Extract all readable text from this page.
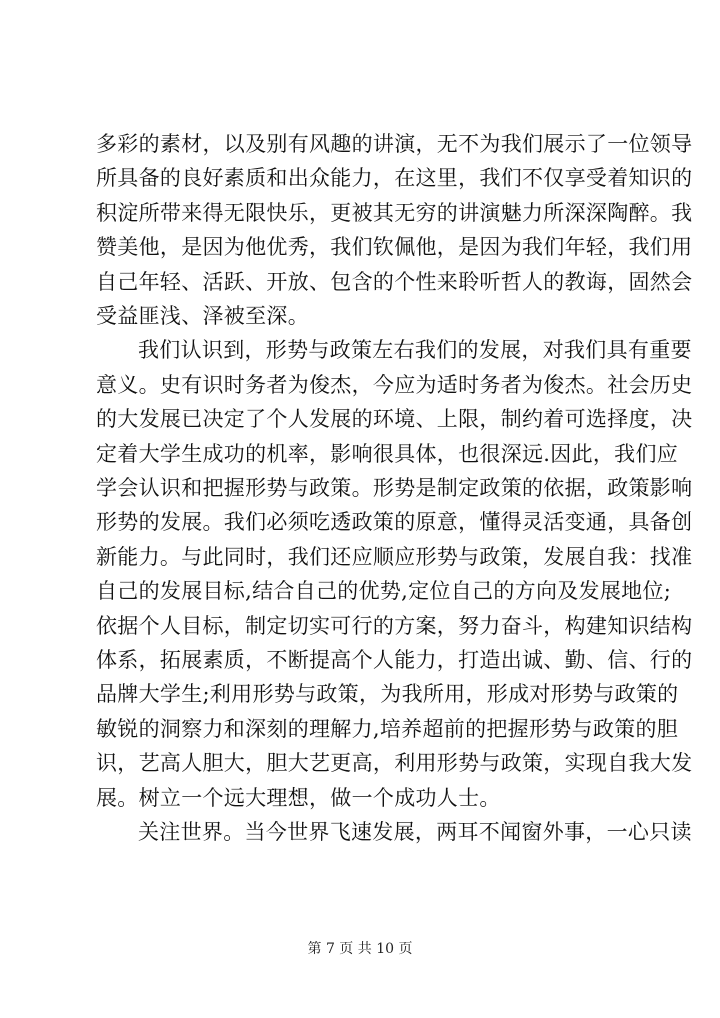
多彩的素材，以及别有风趣的讲演，无不为我们展示了一位领导
所具备的良好素质和出众能力，在这里，我们不仅享受着知识的
积淀所带来得无限快乐，更被其无穷的讲演魅力所深深陶醉。我
赞美他，是因为他优秀，我们钦佩他，是因为我们年轻，我们用
自己年轻、活跃、开放、包含的个性来聆听哲人的教诲，固然会
受益匪浅、泽被至深。
我们认识到，形势与政策左右我们的发展，对我们具有重要
意义。史有识时务者为俊杰，今应为适时务者为俊杰。社会历史
的大发展已决定了个人发展的环境、上限，制约着可选择度，决
定着大学生成功的机率，影响很具体，也很深远.因此，我们应
学会认识和把握形势与政策。形势是制定政策的依据，政策影响
形势的发展。我们必须吃透政策的原意，懂得灵活变通，具备创
新能力。与此同时，我们还应顺应形势与政策，发展自我：找准
自己的发展目标,结合自己的优势,定位自己的方向及发展地位;
依据个人目标，制定切实可行的方案，努力奋斗，构建知识结构
体系，拓展素质，不断提高个人能力，打造出诚、勤、信、行的
品牌大学生;利用形势与政策，为我所用，形成对形势与政策的
敏锐的洞察力和深刻的理解力,培养超前的把握形势与政策的胆
识，艺高人胆大，胆大艺更高，利用形势与政策，实现自我大发
展。树立一个远大理想，做一个成功人士。
关注世界。当今世界飞速发展，两耳不闻窗外事，一心只读
第 7 页 共 10 页
